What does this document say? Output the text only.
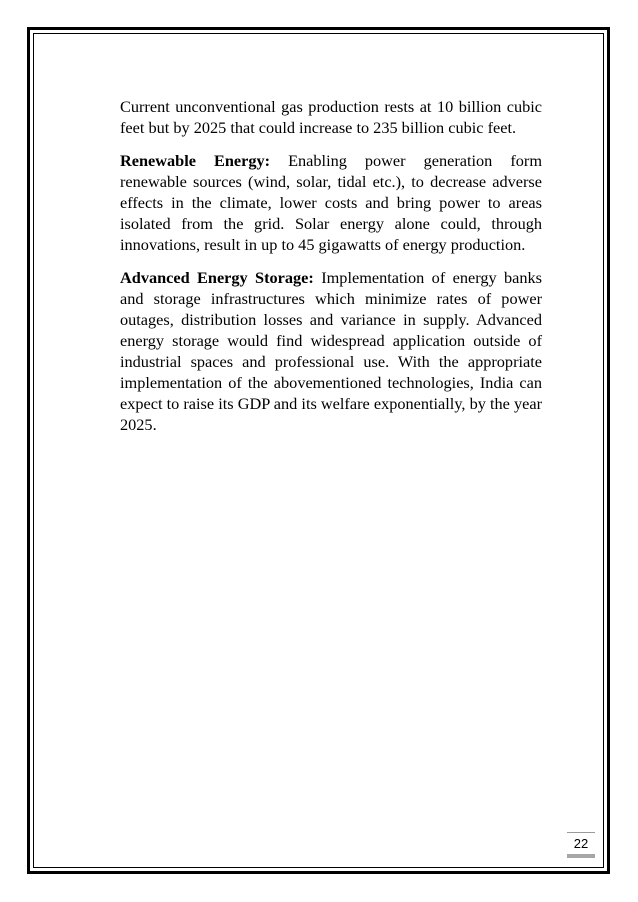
Current unconventional gas production rests at 10 billion cubic feet but by 2025 that could increase to 235 billion cubic feet.

Renewable Energy: Enabling power generation form renewable sources (wind, solar, tidal etc.), to decrease adverse effects in the climate, lower costs and bring power to areas isolated from the grid. Solar energy alone could, through innovations, result in up to 45 gigawatts of energy production.

Advanced Energy Storage: Implementation of energy banks and storage infrastructures which minimize rates of power outages, distribution losses and variance in supply. Advanced energy storage would find widespread application outside of industrial spaces and professional use. With the appropriate implementation of the abovementioned technologies, India can expect to raise its GDP and its welfare exponentially, by the year 2025.

22
